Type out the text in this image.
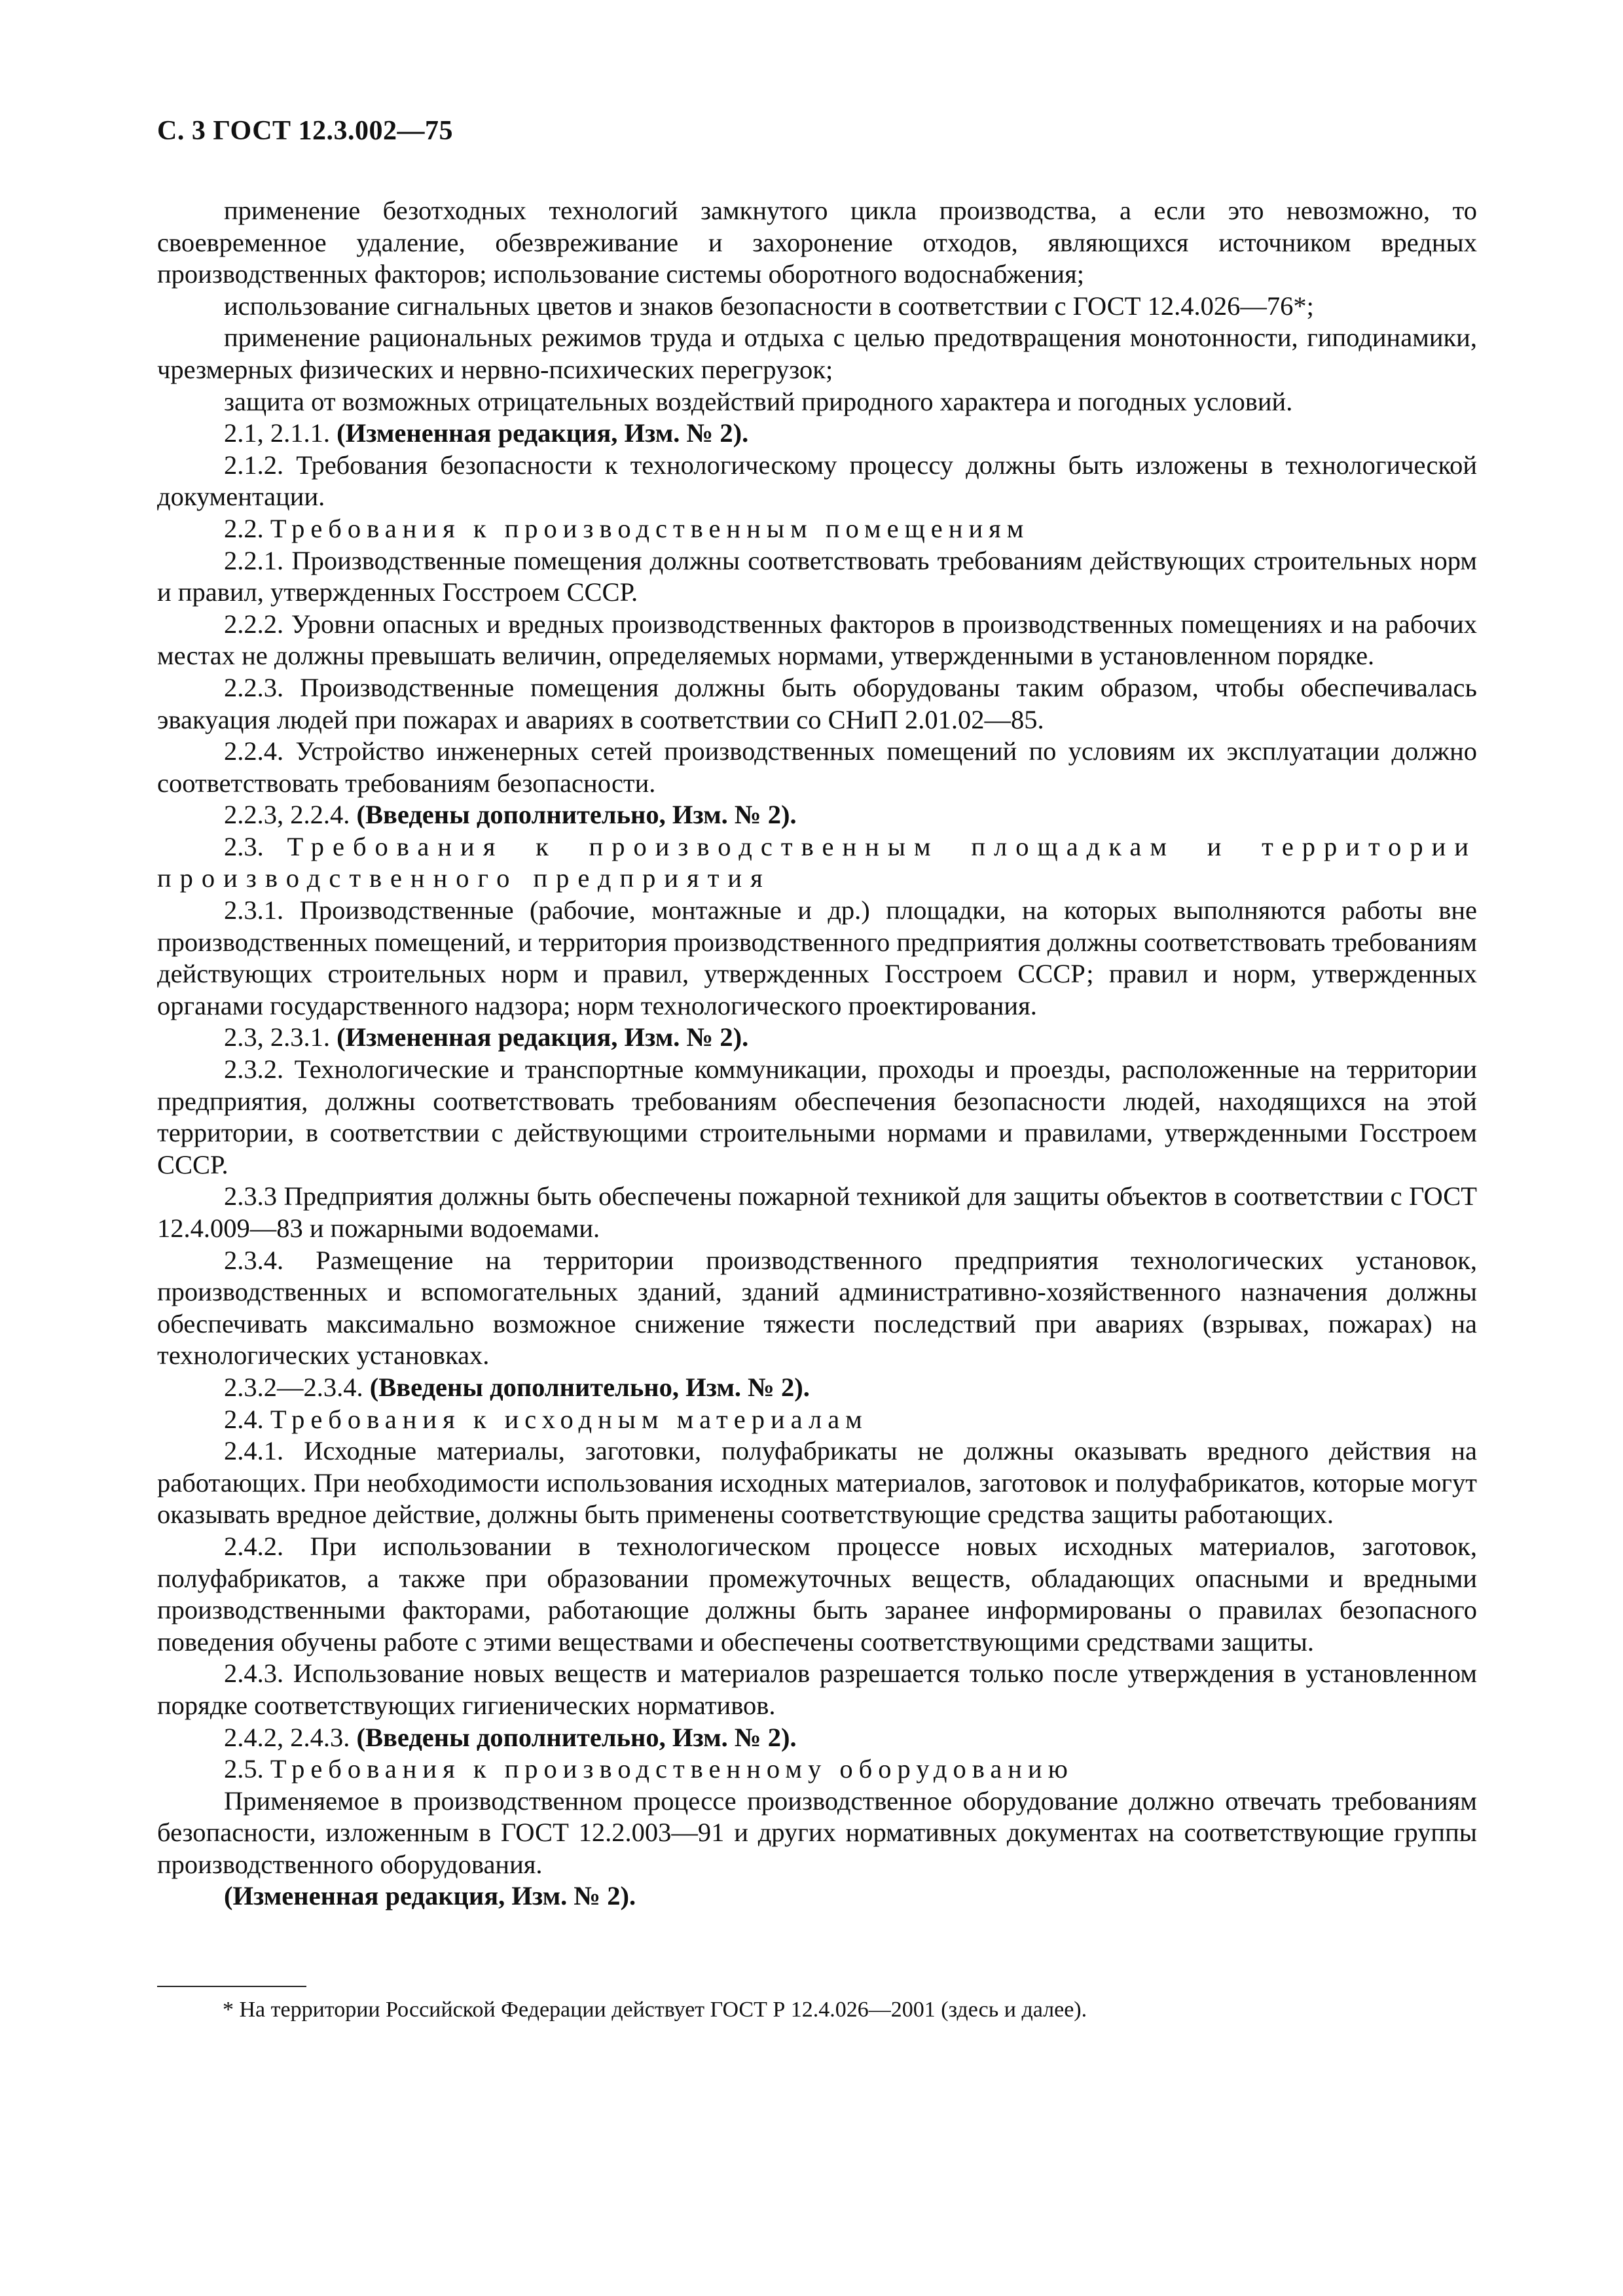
С. 3 ГОСТ 12.3.002—75

применение безотходных технологий замкнутого цикла производства, а если это невозможно, то своевременное удаление, обезвреживание и захоронение отходов, являющихся источником вредных производственных факторов; использование системы оборотного водоснабжения;

использование сигнальных цветов и знаков безопасности в соответствии с ГОСТ 12.4.026—76*;

применение рациональных режимов труда и отдыха с целью предотвращения монотонности, гиподинамики, чрезмерных физических и нервно-психических перегрузок;

защита от возможных отрицательных воздействий природного характера и погодных условий.

2.1, 2.1.1. (Измененная редакция, Изм. № 2).

2.1.2. Требования безопасности к технологическому процессу должны быть изложены в технологической документации.

2.2. Требования к производственным помещениям

2.2.1. Производственные помещения должны соответствовать требованиям действующих строительных норм и правил, утвержденных Госстроем СССР.

2.2.2. Уровни опасных и вредных производственных факторов в производственных помещениях и на рабочих местах не должны превышать величин, определяемых нормами, утвержденными в установленном порядке.

2.2.3. Производственные помещения должны быть оборудованы таким образом, чтобы обеспечивалась эвакуация людей при пожарах и авариях в соответствии со СНиП 2.01.02—85.

2.2.4. Устройство инженерных сетей производственных помещений по условиям их эксплуатации должно соответствовать требованиям безопасности.

2.2.3, 2.2.4. (Введены дополнительно, Изм. № 2).

2.3. Требования к производственным площадкам и территории производственного предприятия

2.3.1. Производственные (рабочие, монтажные и др.) площадки, на которых выполняются работы вне производственных помещений, и территория производственного предприятия должны соответствовать требованиям действующих строительных норм и правил, утвержденных Госстроем СССР; правил и норм, утвержденных органами государственного надзора; норм технологического проектирования.

2.3, 2.3.1. (Измененная редакция, Изм. № 2).

2.3.2. Технологические и транспортные коммуникации, проходы и проезды, расположенные на территории предприятия, должны соответствовать требованиям обеспечения безопасности людей, находящихся на этой территории, в соответствии с действующими строительными нормами и правилами, утвержденными Госстроем СССР.

2.3.3 Предприятия должны быть обеспечены пожарной техникой для защиты объектов в соответствии с ГОСТ 12.4.009—83 и пожарными водоемами.

2.3.4. Размещение на территории производственного предприятия технологических установок, производственных и вспомогательных зданий, зданий административно-хозяйственного назначения должны обеспечивать максимально возможное снижение тяжести последствий при авариях (взрывах, пожарах) на технологических установках.

2.3.2—2.3.4. (Введены дополнительно, Изм. № 2).

2.4. Требования к исходным материалам

2.4.1. Исходные материалы, заготовки, полуфабрикаты не должны оказывать вредного действия на работающих. При необходимости использования исходных материалов, заготовок и полуфабрикатов, которые могут оказывать вредное действие, должны быть применены соответствующие средства защиты работающих.

2.4.2. При использовании в технологическом процессе новых исходных материалов, заготовок, полуфабрикатов, а также при образовании промежуточных веществ, обладающих опасными и вредными производственными факторами, работающие должны быть заранее информированы о правилах безопасного поведения обучены работе с этими веществами и обеспечены соответствующими средствами защиты.

2.4.3. Использование новых веществ и материалов разрешается только после утверждения в установленном порядке соответствующих гигиенических нормативов.

2.4.2, 2.4.3. (Введены дополнительно, Изм. № 2).

2.5. Требования к производственному оборудованию

Применяемое в производственном процессе производственное оборудование должно отвечать требованиям безопасности, изложенным в ГОСТ 12.2.003—91 и других нормативных документах на соответствующие группы производственного оборудования.

(Измененная редакция, Изм. № 2).

* На территории Российской Федерации действует ГОСТ Р 12.4.026—2001 (здесь и далее).
